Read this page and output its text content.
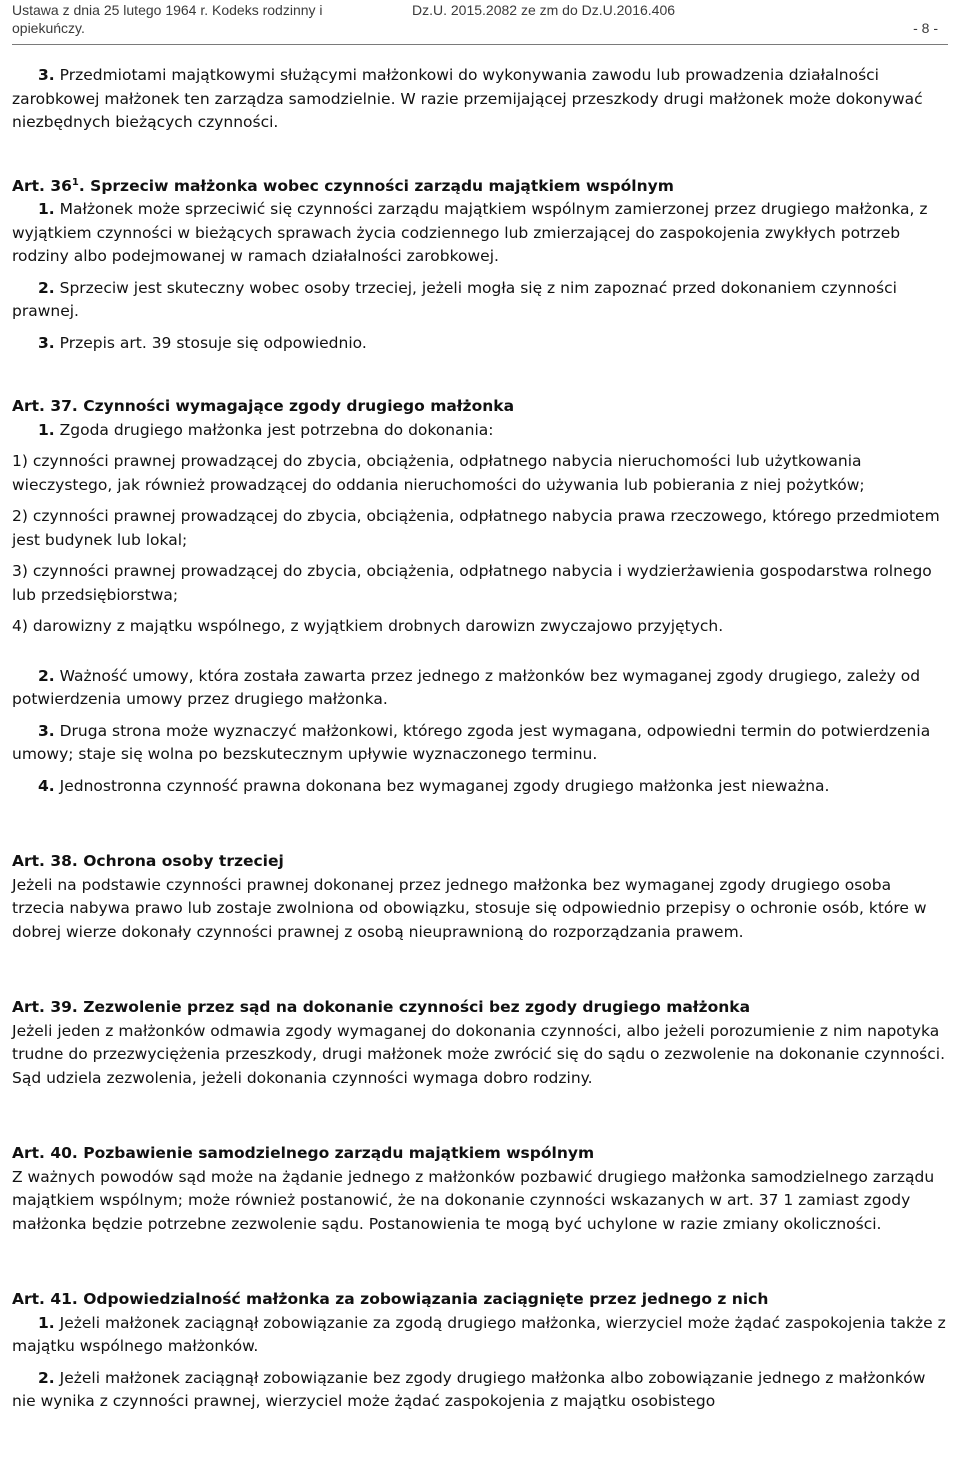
Ustawa z dnia 25 lutego 1964 r. Kodeks rodzinny i
opiekuńczy.
Dz.U. 2015.2082 ze zm do Dz.U.2016.406
- 8 -

3. Przedmiotami majątkowymi służącymi małżonkowi do wykonywania zawodu lub prowadzenia działalności zarobkowej małżonek ten zarządza samodzielnie. W razie przemijającej przeszkody drugi małżonek może dokonywać niezbędnych bieżących czynności.

Art. $36^1$. Sprzeciw małżonka wobec czynności zarządu majątkiem wspólnym

1. Małżonek może sprzeciwić się czynności zarządu majątkiem wspólnym zamierzonej przez drugiego małżonka, z wyjątkiem czynności w bieżących sprawach życia codziennego lub zmierzającej do zaspokojenia zwykłych potrzeb rodziny albo podejmowanej w ramach działalności zarobkowej.

2. Sprzeciw jest skuteczny wobec osoby trzeciej, jeżeli mogła się z nim zapoznać przed dokonaniem czynności prawnej.

3. Przepis art. 39 stosuje się odpowiednio.

Art. 37. Czynności wymagające zgody drugiego małżonka

1. Zgoda drugiego małżonka jest potrzebna do dokonania:

1) czynności prawnej prowadzącej do zbycia, obciążenia, odpłatnego nabycia nieruchomości lub użytkowania wieczystego, jak również prowadzącej do oddania nieruchomości do używania lub pobierania z niej pożytków;

2) czynności prawnej prowadzącej do zbycia, obciążenia, odpłatnego nabycia prawa rzeczowego, którego przedmiotem jest budynek lub lokal;

3) czynności prawnej prowadzącej do zbycia, obciążenia, odpłatnego nabycia i wydzierżawienia gospodarstwa rolnego lub przedsiębiorstwa;

4) darowizny z majątku wspólnego, z wyjątkiem drobnych darowizn zwyczajowo przyjętych.

2. Ważność umowy, która została zawarta przez jednego z małżonków bez wymaganej zgody drugiego, zależy od potwierdzenia umowy przez drugiego małżonka.

3. Druga strona może wyznaczyć małżonkowi, którego zgoda jest wymagana, odpowiedni termin do potwierdzenia umowy; staje się wolna po bezskutecznym upływie wyznaczonego terminu.

4. Jednostronna czynność prawna dokonana bez wymaganej zgody drugiego małżonka jest nieważna.

Art. 38. Ochrona osoby trzeciej

Jeżeli na podstawie czynności prawnej dokonanej przez jednego małżonka bez wymaganej zgody drugiego osoba trzecia nabywa prawo lub zostaje zwolniona od obowiązku, stosuje się odpowiednio przepisy o ochronie osób, które w dobrej wierze dokonały czynności prawnej z osobą nieuprawnioną do rozporządzania prawem.

Art. 39. Zezwolenie przez sąd na dokonanie czynności bez zgody drugiego małżonka

Jeżeli jeden z małżonków odmawia zgody wymaganej do dokonania czynności, albo jeżeli porozumienie z nim napotyka trudne do przezwyciężenia przeszkody, drugi małżonek może zwrócić się do sądu o zezwolenie na dokonanie czynności. Sąd udziela zezwolenia, jeżeli dokonania czynności wymaga dobro rodziny.

Art. 40. Pozbawienie samodzielnego zarządu majątkiem wspólnym

Z ważnych powodów sąd może na żądanie jednego z małżonków pozbawić drugiego małżonka samodzielnego zarządu majątkiem wspólnym; może również postanowić, że na dokonanie czynności wskazanych w art. 37 1 zamiast zgody małżonka będzie potrzebne zezwolenie sądu. Postanowienia te mogą być uchylone w razie zmiany okoliczności.

Art. 41. Odpowiedzialność małżonka za zobowiązania zaciągnięte przez jednego z nich

1. Jeżeli małżonek zaciągnął zobowiązanie za zgodą drugiego małżonka, wierzyciel może żądać zaspokojenia także z majątku wspólnego małżonków.

2. Jeżeli małżonek zaciągnął zobowiązanie bez zgody drugiego małżonka albo zobowiązanie jednego z małżonków nie wynika z czynności prawnej, wierzyciel może żądać zaspokojenia z majątku osobistego
